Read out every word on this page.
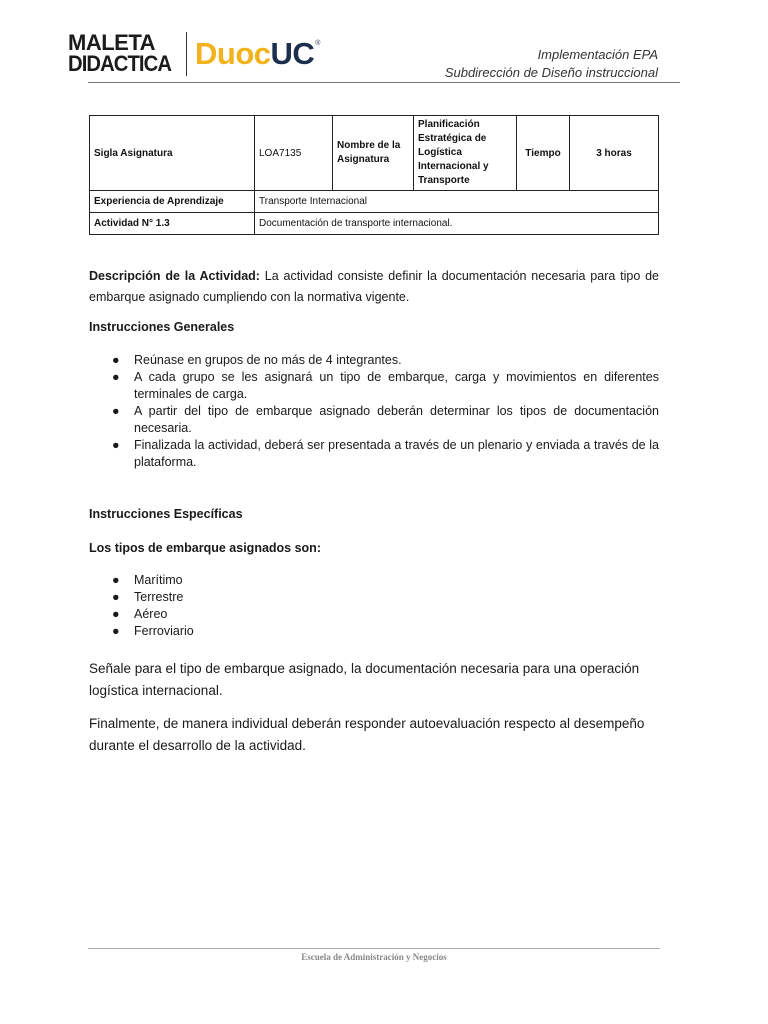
MALETA
DIDACTICA Duoc UC ®
Implementación EPA
Subdirección de Diseño instruccional
Sigla Asignatura	LOA7135	Nombre de la Asignatura	Planificación Estratégica de Logística Internacional y Transporte	Tiempo	3 horas
Experiencia de Aprendizaje	Transporte Internacional				
Actividad N° 1.3	Documentación de transporte internacional.				
Descripción de la Actividad: La actividad consiste definir la documentación necesaria para tipo de embarque asignado cumpliendo con la normativa vigente.
Instrucciones Generales
● Reúnase en grupos de no más de 4 integrantes.
● A cada grupo se les asignará un tipo de embarque, carga y movimientos en diferentes terminales de carga.
● A partir del tipo de embarque asignado deberán determinar los tipos de documentación necesaria.
● Finalizada la actividad, deberá ser presentada a través de un plenario y enviada a través de la plataforma.
Instrucciones Específicas
Los tipos de embarque asignados son:
● Marítimo
● Terrestre
● Aéreo
● Ferroviario
Señale para el tipo de embarque asignado, la documentación necesaria para una operación logística internacional.
Finalmente, de manera individual deberán responder autoevaluación respecto al desempeño durante el desarrollo de la actividad.
Escuela de Administración y Negocios
